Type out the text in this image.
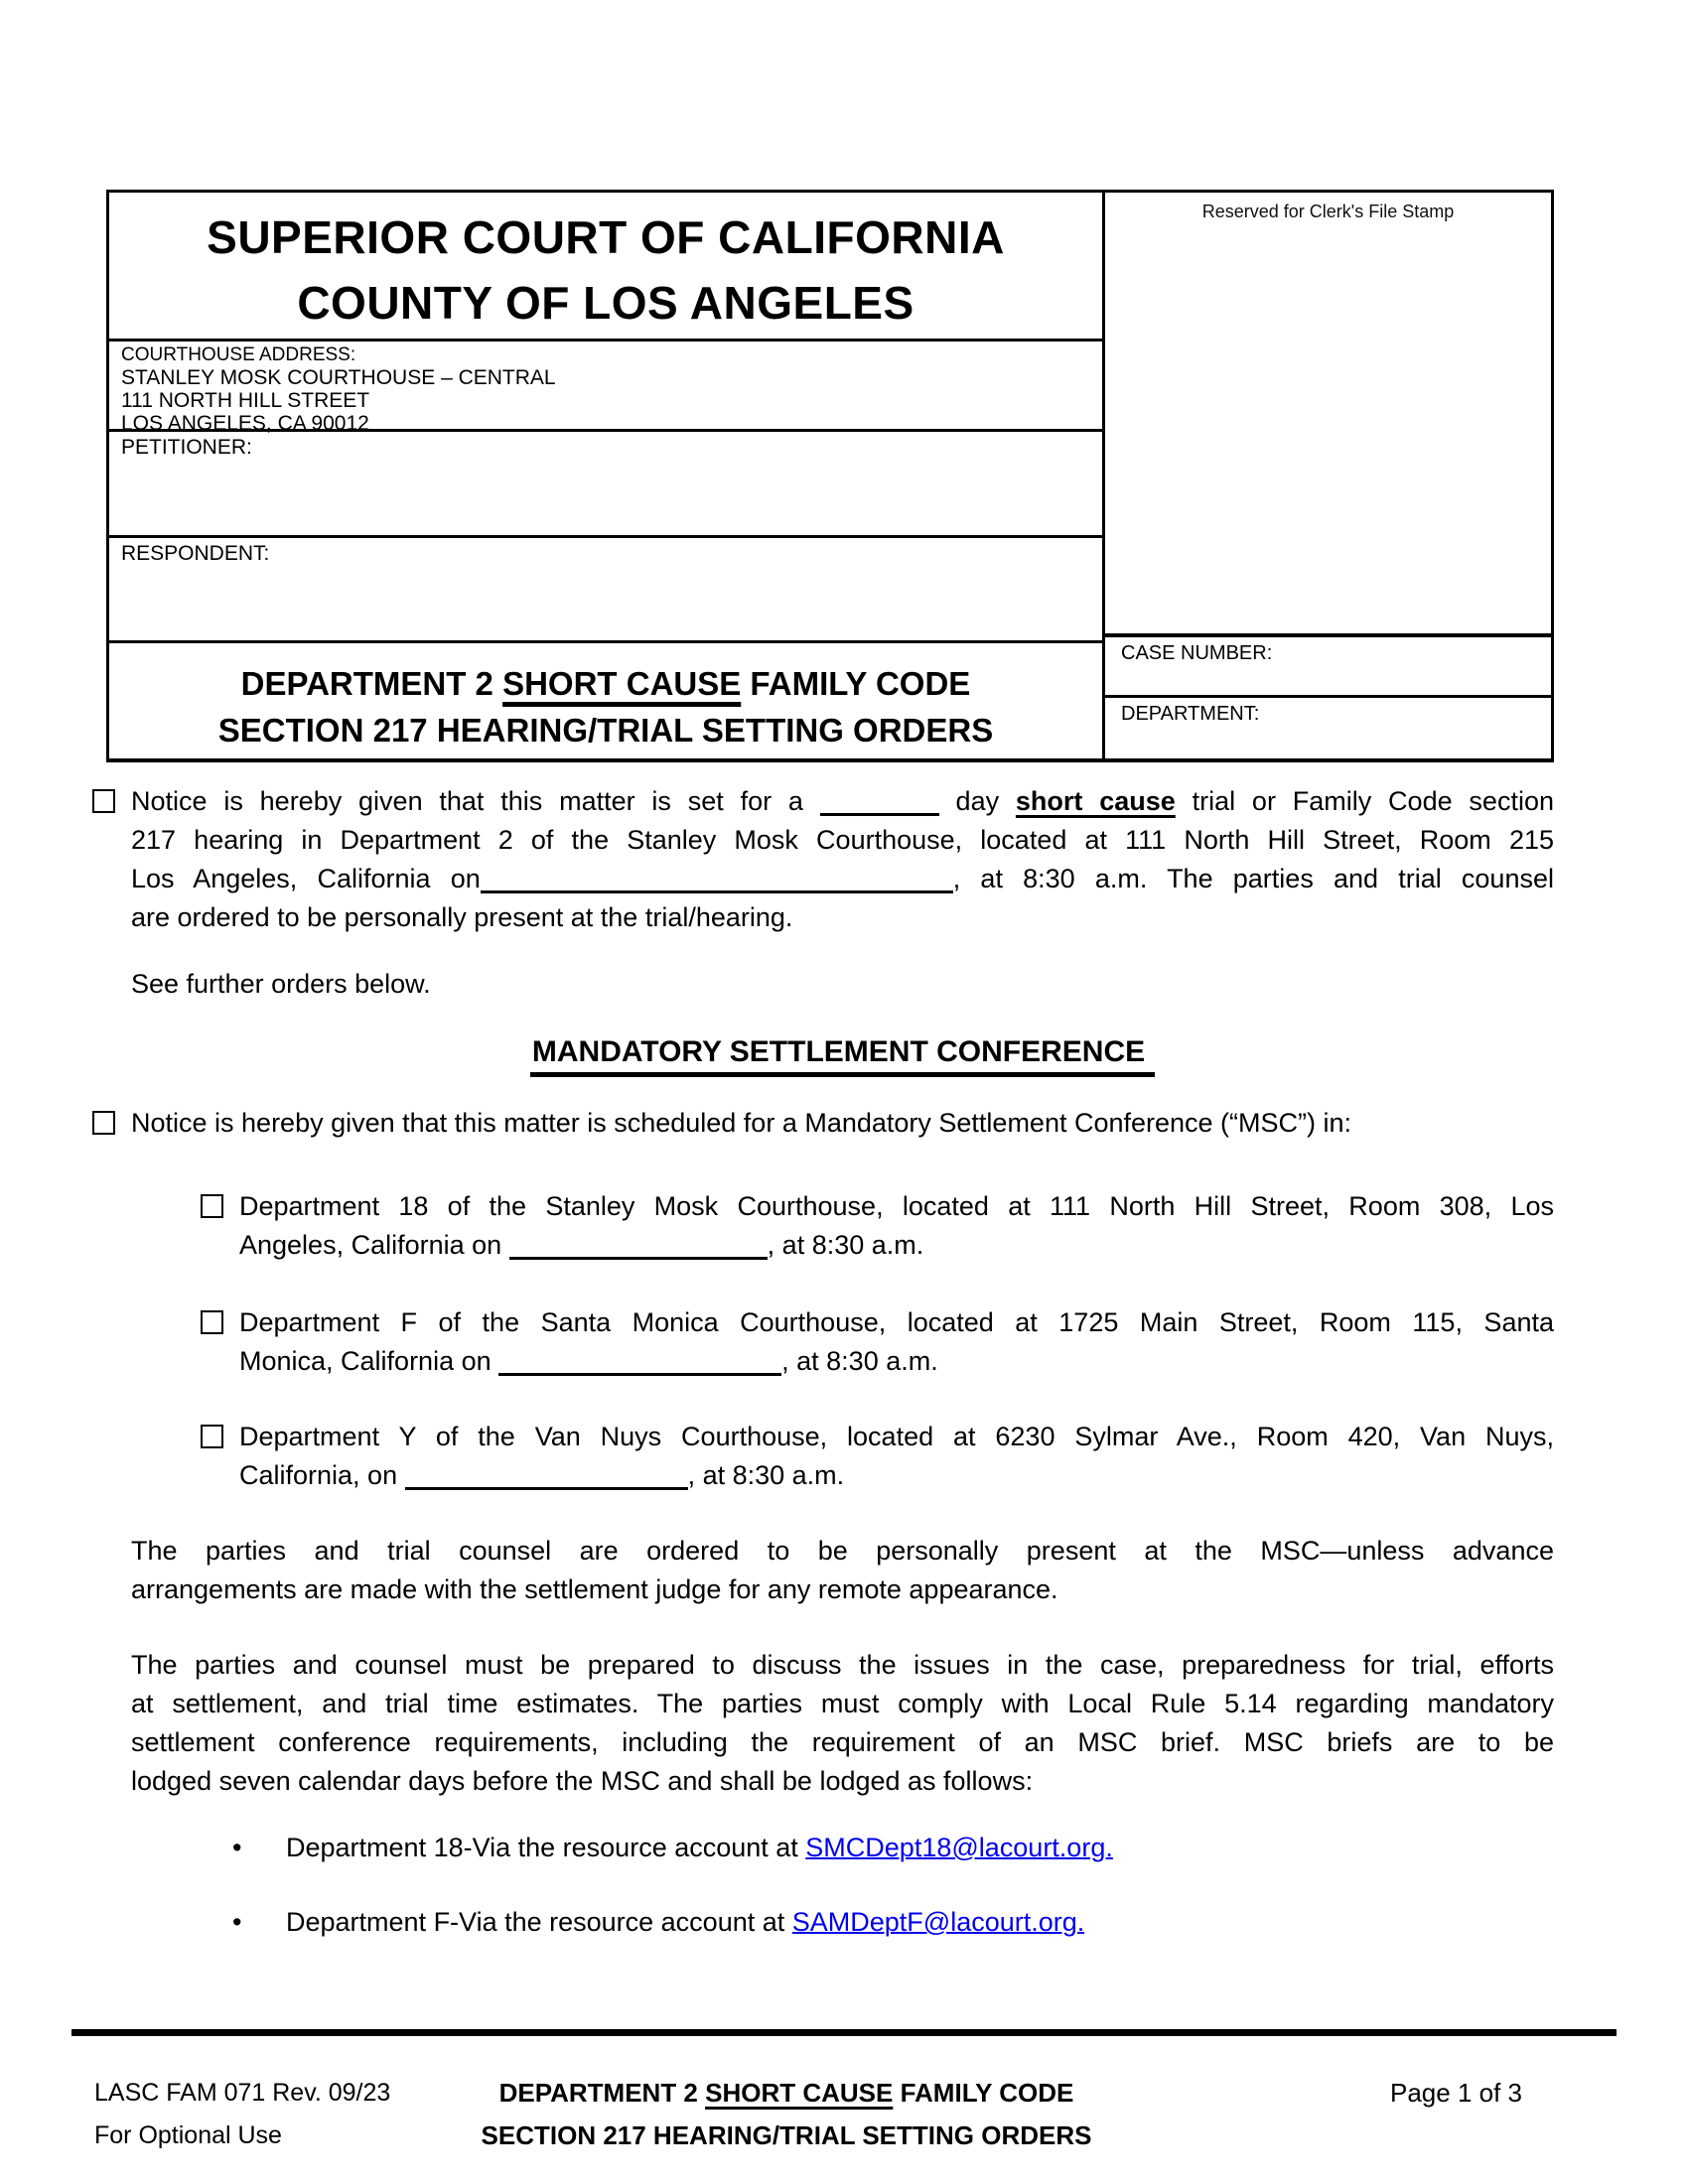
SUPERIOR COURT OF CALIFORNIA
COUNTY OF LOS ANGELES
COURTHOUSE ADDRESS:
STANLEY MOSK COURTHOUSE – CENTRAL
111 NORTH HILL STREET
LOS ANGELES, CA 90012
PETITIONER:
RESPONDENT:
DEPARTMENT 2 SHORT CAUSE FAMILY CODE
SECTION 217 HEARING/TRIAL SETTING ORDERS
Reserved for Clerk's File Stamp
CASE NUMBER:
DEPARTMENT:
Notice is hereby given that this matter is set for a	day short cause trial or Family Code section
217 hearing in Department 2 of the Stanley Mosk Courthouse, located at 111 North Hill Street, Room 215
Los Angeles, California on	, at 8:30 a.m. The parties and trial counsel
are ordered to be personally present at the trial/hearing.
See further orders below.
MANDATORY SETTLEMENT CONFERENCE
Notice is hereby given that this matter is scheduled for a Mandatory Settlement Conference (“MSC”) in:
Department 18 of the Stanley Mosk Courthouse, located at 111 North Hill Street, Room 308, Los
Angeles, California on	, at 8:30 a.m.
Department F of the Santa Monica Courthouse, located at 1725 Main Street, Room 115, Santa
Monica, California on	, at 8:30 a.m.
Department Y of the Van Nuys Courthouse, located at 6230 Sylmar Ave., Room 420, Van Nuys,
California, on	, at 8:30 a.m.
The parties and trial counsel are ordered to be personally present at the MSC—unless advance
arrangements are made with the settlement judge for any remote appearance.
The parties and counsel must be prepared to discuss the issues in the case, preparedness for trial, efforts
at settlement, and trial time estimates. The parties must comply with Local Rule 5.14 regarding mandatory
settlement conference requirements, including the requirement of an MSC brief. MSC briefs are to be
lodged seven calendar days before the MSC and shall be lodged as follows:
•	Department 18-Via the resource account at SMCDept18@lacourt.org.
•	Department F-Via the resource account at SAMDeptF@lacourt.org.
LASC FAM 071 Rev. 09/23
For Optional Use
DEPARTMENT 2 SHORT CAUSE FAMILY CODE
SECTION 217 HEARING/TRIAL SETTING ORDERS
Page 1 of 3
